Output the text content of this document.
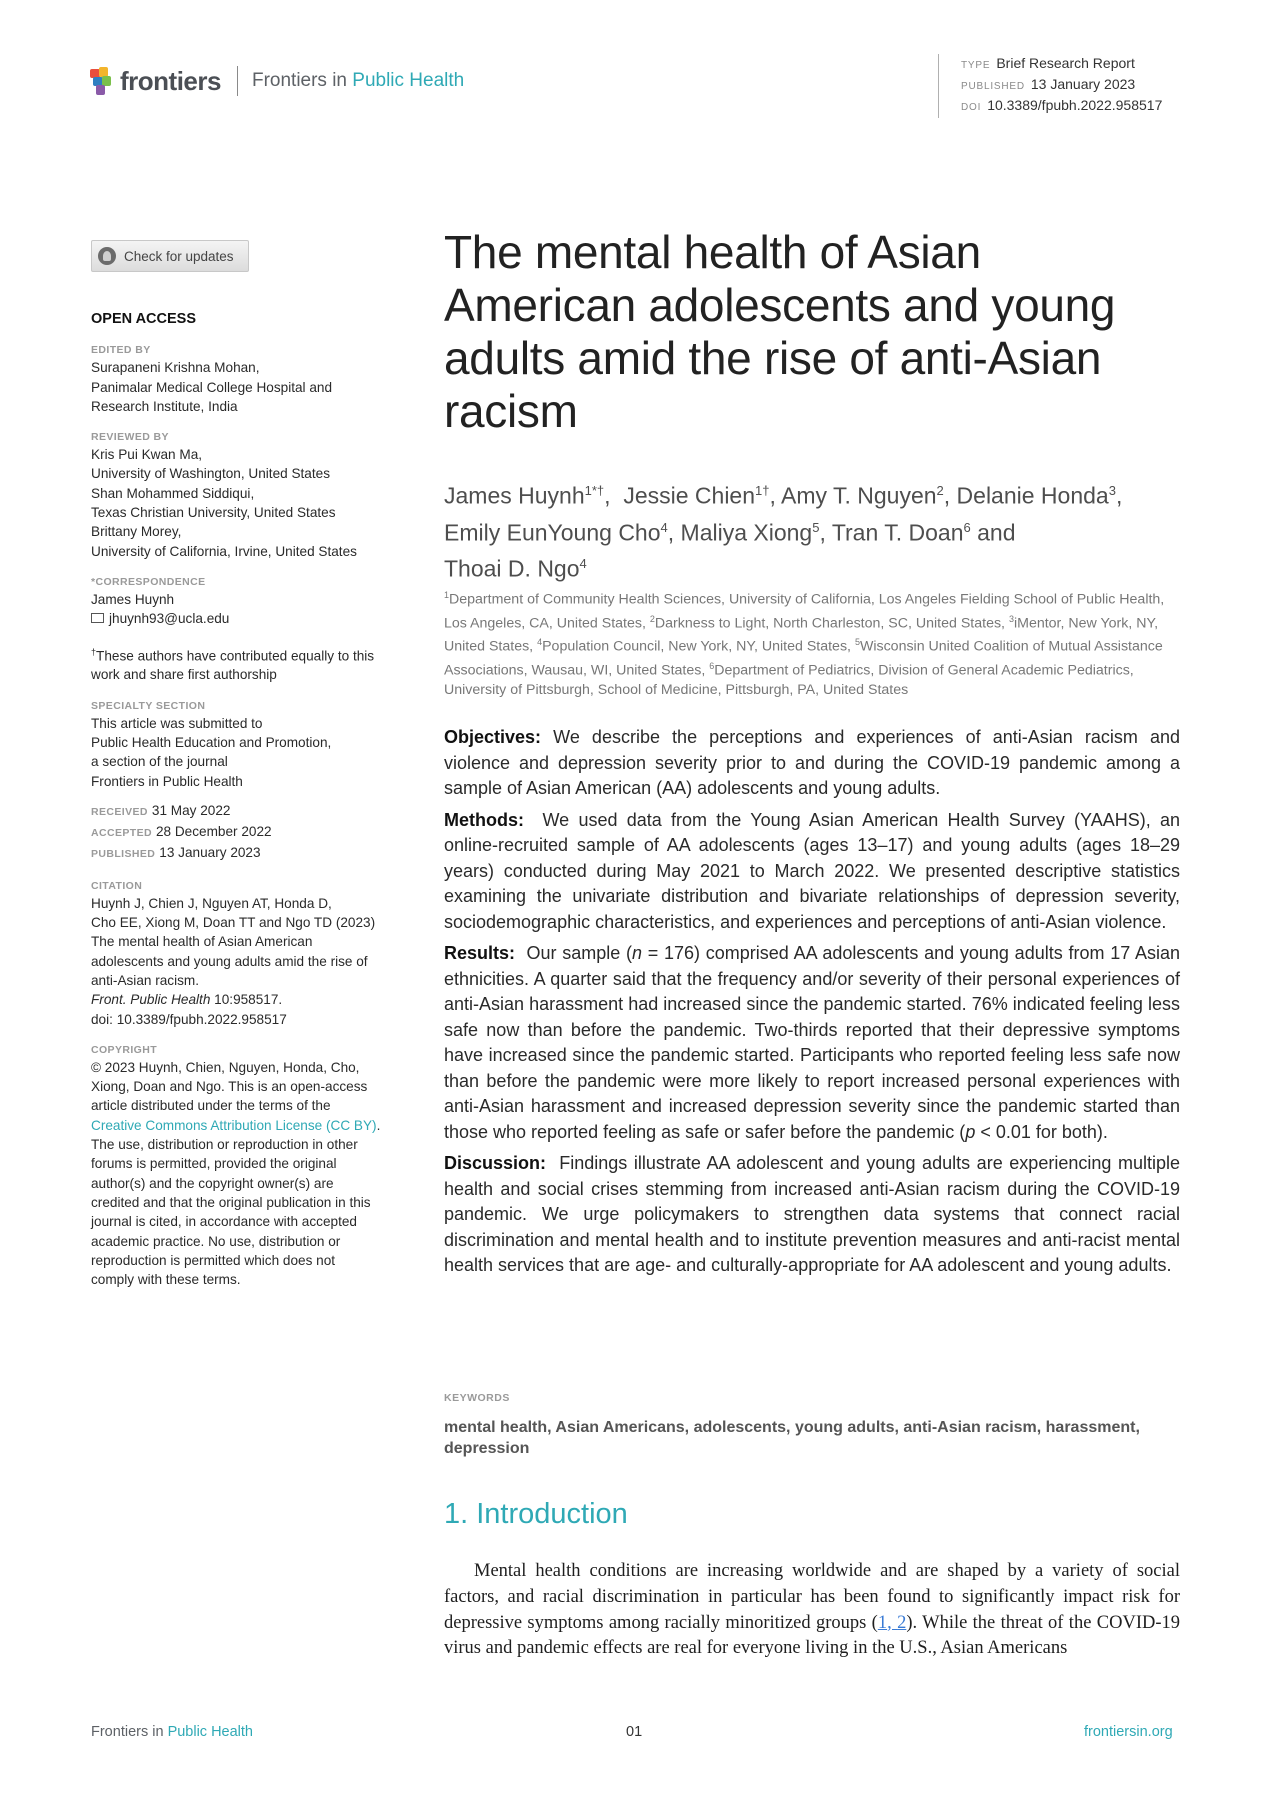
frontiers Frontiers in Public Health
TYPE Brief Research Report
PUBLISHED 13 January 2023
DOI 10.3389/fpubh.2022.958517
Check for updates
OPEN ACCESS
EDITED BY
Surapaneni Krishna Mohan,
Panimalar Medical College Hospital and
Research Institute, India
REVIEWED BY
Kris Pui Kwan Ma,
University of Washington, United States
Shan Mohammed Siddiqui,
Texas Christian University, United States
Brittany Morey,
University of California, Irvine, United States
*CORRESPONDENCE
James Huynh
jhuynh93@ucla.edu
†These authors have contributed equally to this
work and share first authorship
SPECIALTY SECTION
This article was submitted to
Public Health Education and Promotion,
a section of the journal
Frontiers in Public Health
RECEIVED 31 May 2022
ACCEPTED 28 December 2022
PUBLISHED 13 January 2023
CITATION
Huynh J, Chien J, Nguyen AT, Honda D,
Cho EE, Xiong M, Doan TT and Ngo TD (2023)
The mental health of Asian American
adolescents and young adults amid the rise of
anti-Asian racism.
Front. Public Health 10:958517.
doi: 10.3389/fpubh.2022.958517
COPYRIGHT
© 2023 Huynh, Chien, Nguyen, Honda, Cho,
Xiong, Doan and Ngo. This is an open-access
article distributed under the terms of the
Creative Commons Attribution License (CC BY).
The use, distribution or reproduction in other
forums is permitted, provided the original
author(s) and the copyright owner(s) are
credited and that the original publication in this
journal is cited, in accordance with accepted
academic practice. No use, distribution or
reproduction is permitted which does not
comply with these terms.
The mental health of Asian American adolescents and young adults amid the rise of anti-Asian racism
James Huynh$^{1*\dagger}$,  Jessie Chien$^{1\dagger}$, Amy T. Nguyen$^2$, Delanie Honda$^3$,
Emily EunYoung Cho$^4$, Maliya Xiong$^5$, Tran T. Doan$^6$ and
Thoai D. Ngo$^4$
$^1$Department of Community Health Sciences, University of California, Los Angeles Fielding School of Public Health, Los Angeles, CA, United States, $^2$Darkness to Light, North Charleston, SC, United States, $^3$iMentor, New York, NY, United States, $^4$Population Council, New York, NY, United States, $^5$Wisconsin United Coalition of Mutual Assistance Associations, Wausau, WI, United States, $^6$Department of Pediatrics, Division of General Academic Pediatrics, University of Pittsburgh, School of Medicine, Pittsburgh, PA, United States

Objectives: We describe the perceptions and experiences of anti-Asian racism and violence and depression severity prior to and during the COVID-19 pandemic among a sample of Asian American (AA) adolescents and young adults.

Methods: We used data from the Young Asian American Health Survey (YAAHS), an online-recruited sample of AA adolescents (ages 13–17) and young adults (ages 18–29 years) conducted during May 2021 to March 2022. We presented descriptive statistics examining the univariate distribution and bivariate relationships of depression severity, sociodemographic characteristics, and experiences and perceptions of anti-Asian violence.

Results: Our sample (n = 176) comprised AA adolescents and young adults from 17 Asian ethnicities. A quarter said that the frequency and/or severity of their personal experiences of anti-Asian harassment had increased since the pandemic started. 76% indicated feeling less safe now than before the pandemic. Two-thirds reported that their depressive symptoms have increased since the pandemic started. Participants who reported feeling less safe now than before the pandemic were more likely to report increased personal experiences with anti-Asian harassment and increased depression severity since the pandemic started than those who reported feeling as safe or safer before the pandemic (p < 0.01 for both).

Discussion: Findings illustrate AA adolescent and young adults are experiencing multiple health and social crises stemming from increased anti-Asian racism during the COVID-19 pandemic. We urge policymakers to strengthen data systems that connect racial discrimination and mental health and to institute prevention measures and anti-racist mental health services that are age- and culturally-appropriate for AA adolescent and young adults.

KEYWORDS
mental health, Asian Americans, adolescents, young adults, anti-Asian racism, harassment, depression
1. Introduction
Mental health conditions are increasing worldwide and are shaped by a variety of social factors, and racial discrimination in particular has been found to significantly impact risk for depressive symptoms among racially minoritized groups (1, 2). While the threat of the COVID-19 virus and pandemic effects are real for everyone living in the U.S., Asian Americans
Frontiers in Public Health	01	frontiersin.org
